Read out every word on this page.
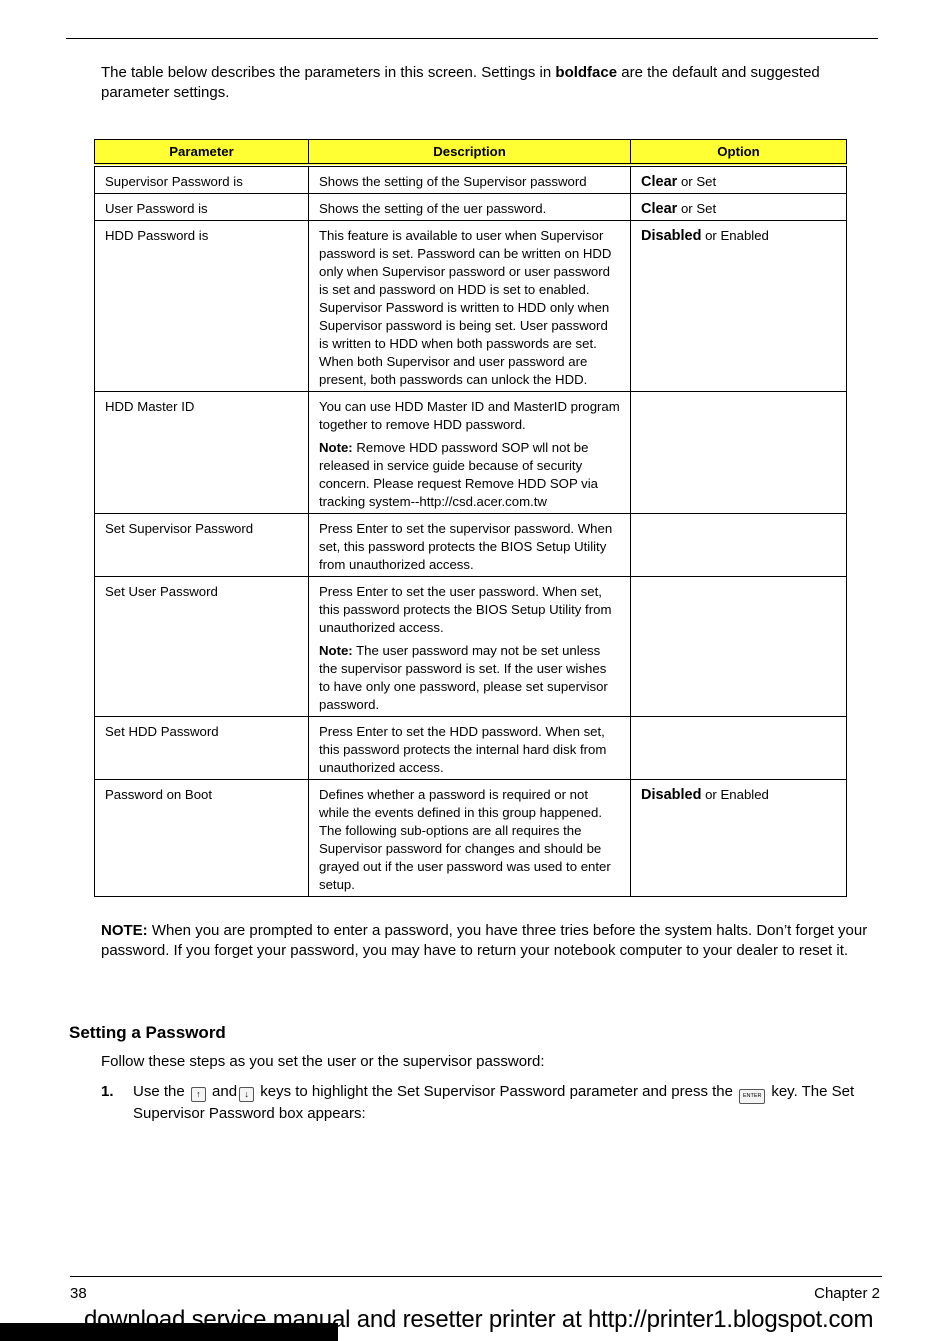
The table below describes the parameters in this screen. Settings in boldface are the default and suggested parameter settings.

Parameter	Description	Option
Supervisor Password is	Shows the setting of the Supervisor password	Clear or Set
User Password is	Shows the setting of the uer password.	Clear or Set
HDD Password is	This feature is available to user when Supervisor password is set. Password can be written on HDD only when Supervisor password or user password is set and password on HDD is set to enabled. Supervisor Password is written to HDD only when Supervisor password is being set. User password is written to HDD when both passwords are set. When both Supervisor and user password are present, both passwords can unlock the HDD.	Disabled or Enabled
HDD Master ID	You can use HDD Master ID and MasterID program together to remove HDD password.
Note: Remove HDD password SOP wll not be released in service guide because of security concern. Please request Remove HDD SOP via tracking system--http://csd.acer.com.tw	

Set Supervisor Password	Press Enter to set the supervisor password. When set, this password protects the BIOS Setup Utility from unauthorized access.	
Set User Password	Press Enter to set the user password. When set, this password protects the BIOS Setup Utility from unauthorized access.
Note: The user password may not be set unless the supervisor password is set. If the user wishes to have only one password, please set supervisor password.	

Set HDD Password	Press Enter to set the HDD password. When set, this password protects the internal hard disk from unauthorized access.	
Password on Boot	Defines whether a password is required or not while the events defined in this group happened. The following sub-options are all requires the Supervisor password for changes and should be grayed out if the user password was used to enter setup.	Disabled or Enabled
NOTE: When you are prompted to enter a password, you have three tries before the system halts. Don’t forget your password. If you forget your password, you may have to return your notebook computer to your dealer to reset it.
Setting a Password
Follow these steps as you set the user or the supervisor password:
1. Use the ↑ and ↓ keys to highlight the Set Supervisor Password parameter and press the ENTER key. The Set Supervisor Password box appears:
38	Chapter 2
download service manual and resetter printer at http://printer1.blogspot.com
